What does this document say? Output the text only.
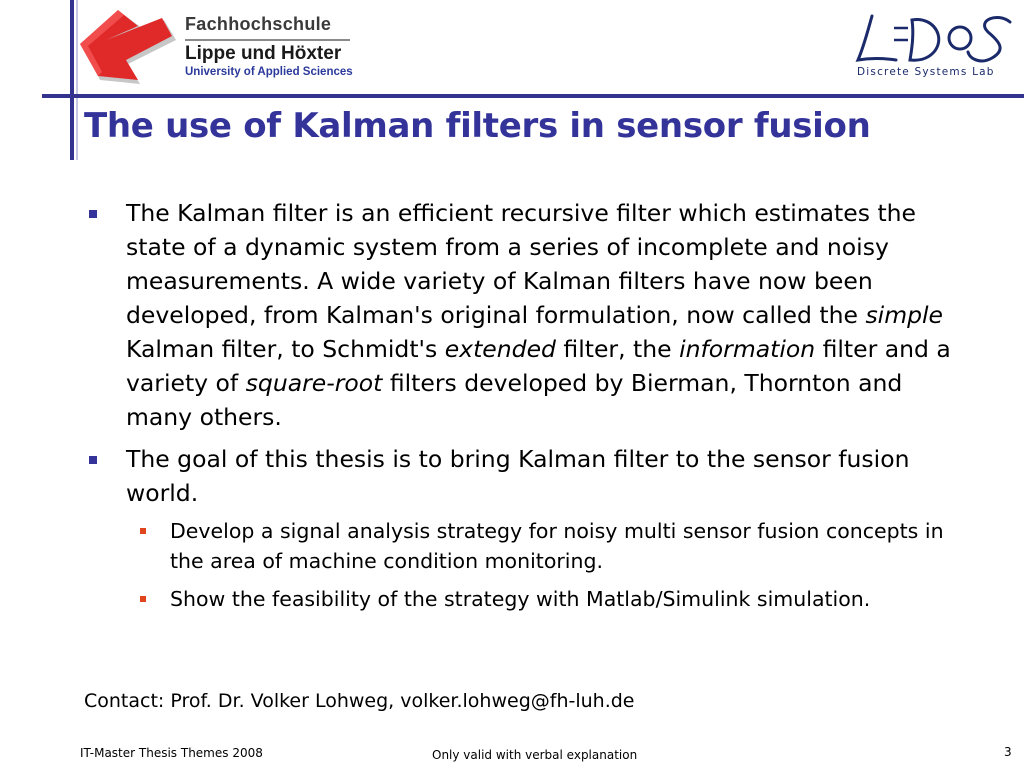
Fachhochschule
Lippe und Höxter
University of Applied Sciences	Discrete Systems Lab
The use of Kalman filters in sensor fusion
The Kalman filter is an efficient recursive filter which estimates the state of a dynamic system from a series of incomplete and noisy measurements. A wide variety of Kalman filters have now been developed, from Kalman's original formulation, now called the simple Kalman filter, to Schmidt's extended filter, the information filter and a variety of square-root filters developed by Bierman, Thornton and many others.
The goal of this thesis is to bring Kalman filter to the sensor fusion world.
Develop a signal analysis strategy for noisy multi sensor fusion concepts in the area of machine condition monitoring.
Show the feasibility of the strategy with Matlab/Simulink simulation.
Contact: Prof. Dr. Volker Lohweg, volker.lohweg@fh-luh.de
IT-Master Thesis Themes 2008	Only valid with verbal explanation	3
